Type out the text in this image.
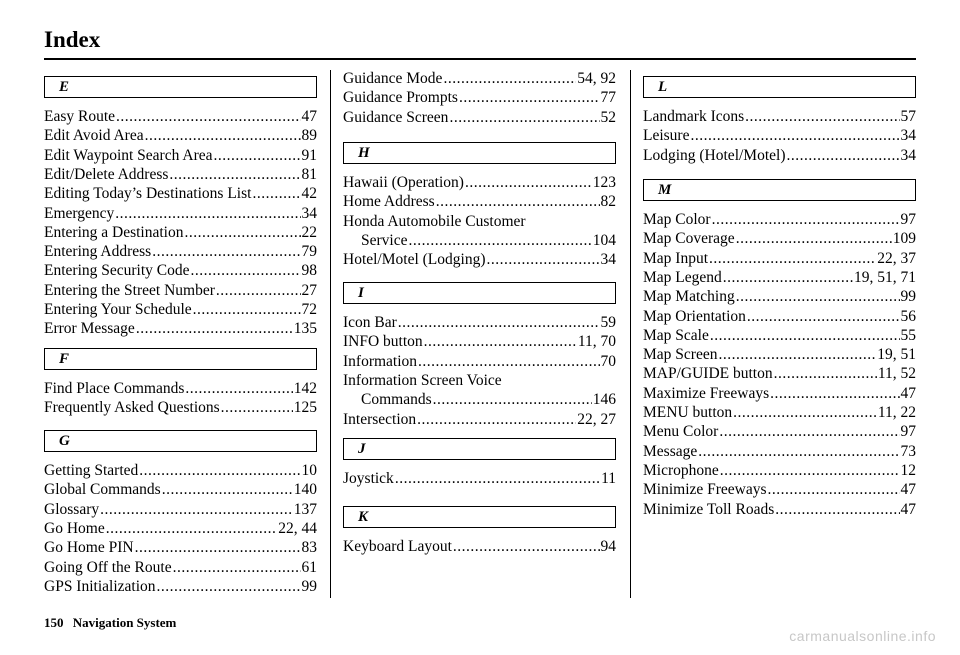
Index
E
Easy Route .....	47
Edit Avoid Area .....	89
Edit Waypoint Search Area .....	91
Edit/Delete Address .....	81
Editing Today’s Destinations List .....	42
Emergency .....	34
Entering a Destination .....	22
Entering Address .....	79
Entering Security Code .....	98
Entering the Street Number .....	27
Entering Your Schedule .....	72
Error Message .....	135
F
Find Place Commands .....	142
Frequently Asked Questions .....	125
G
Getting Started .....	10
Global Commands .....	140
Glossary .....	137
Go Home .....	22, 44
Go Home PIN .....	83
Going Off the Route .....	61
GPS Initialization .....	99
Guidance Mode .....	54, 92
Guidance Prompts .....	77
Guidance Screen .....	52
H
Hawaii (Operation) .....	123
Home Address .....	82
Honda Automobile Customer
Service .....	104
Hotel/Motel (Lodging) .....	34
I
Icon Bar .....	59
INFO button .....	11, 70
Information .....	70
Information Screen Voice
Commands .....	146
Intersection .....	22, 27
J
Joystick .....	11
K
Keyboard Layout .....	94
L
Landmark Icons .....	57
Leisure .....	34
Lodging (Hotel/Motel) .....	34
M
Map Color .....	97
Map Coverage .....	109
Map Input .....	22, 37
Map Legend .....	19, 51, 71
Map Matching .....	99
Map Orientation .....	56
Map Scale .....	55
Map Screen .....	19, 51
MAP/GUIDE button .....	11, 52
Maximize Freeways .....	47
MENU button .....	11, 22
Menu Color .....	97
Message .....	73
Microphone .....	12
Minimize Freeways .....	47
Minimize Toll Roads .....	47
150 Navigation System
carmanualsonline.info
